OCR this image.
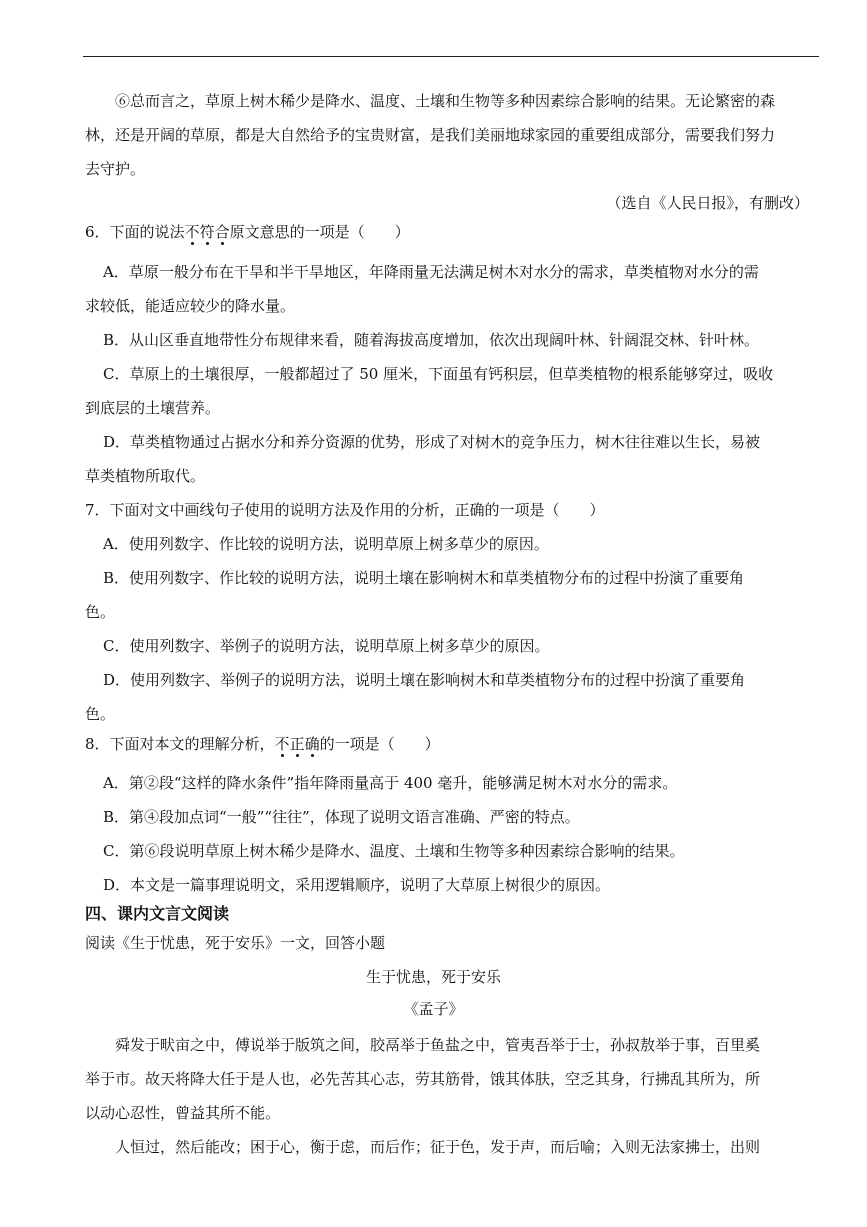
⑥总而言之，草原上树木稀少是降水、温度、土壤和生物等多种因素综合影响的结果。无论繁密的森
林，还是开阔的草原，都是大自然给予的宝贵财富，是我们美丽地球家园的重要组成部分，需要我们努力
去守护。
（选自《人民日报》，有删改）
6．下面的说法不符合原文意思的一项是（　　）
A．草原一般分布在干旱和半干旱地区，年降雨量无法满足树木对水分的需求，草类植物对水分的需
求较低，能适应较少的降水量。
B．从山区垂直地带性分布规律来看，随着海拔高度增加，依次出现阔叶林、针阔混交林、针叶林。
C．草原上的土壤很厚，一般都超过了 50 厘米，下面虽有钙积层，但草类植物的根系能够穿过，吸收
到底层的土壤营养。
D．草类植物通过占据水分和养分资源的优势，形成了对树木的竞争压力，树木往往难以生长，易被
草类植物所取代。
7．下面对文中画线句子使用的说明方法及作用的分析，正确的一项是（　　）
A．使用列数字、作比较的说明方法，说明草原上树多草少的原因。
B．使用列数字、作比较的说明方法，说明土壤在影响树木和草类植物分布的过程中扮演了重要角
色。
C．使用列数字、举例子的说明方法，说明草原上树多草少的原因。
D．使用列数字、举例子的说明方法，说明土壤在影响树木和草类植物分布的过程中扮演了重要角
色。
8．下面对本文的理解分析，不正确的一项是（　　）
A．第②段“这样的降水条件”指年降雨量高于 400 毫升，能够满足树木对水分的需求。
B．第④段加点词“一般”“往往”，体现了说明文语言准确、严密的特点。
C．第⑥段说明草原上树木稀少是降水、温度、土壤和生物等多种因素综合影响的结果。
D．本文是一篇事理说明文，采用逻辑顺序，说明了大草原上树很少的原因。
四、课内文言文阅读
阅读《生于忧患，死于安乐》一文，回答小题
生于忧患，死于安乐
《孟子》
舜发于畎亩之中，傅说举于版筑之间，胶鬲举于鱼盐之中，管夷吾举于士，孙叔敖举于事，百里奚
举于市。故天将降大任于是人也，必先苦其心志，劳其筋骨，饿其体肤，空乏其身，行拂乱其所为，所
以动心忍性，曾益其所不能。
人恒过，然后能改；困于心，衡于虑，而后作；征于色，发于声，而后喻；入则无法家拂士，出则
